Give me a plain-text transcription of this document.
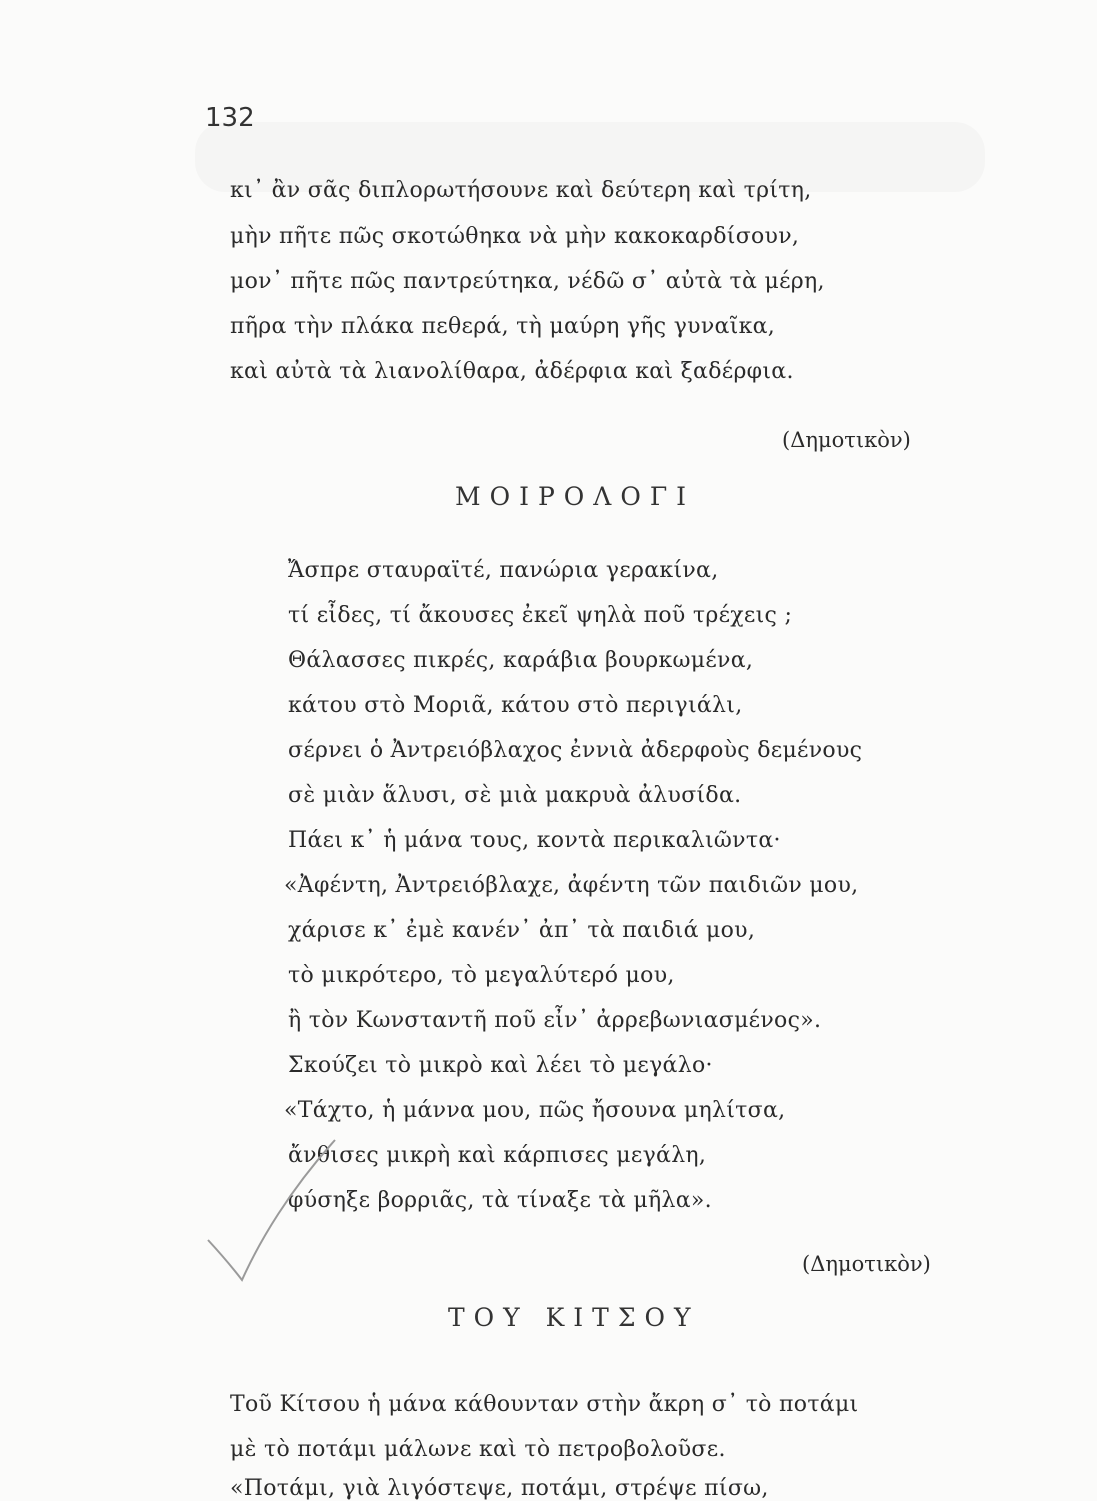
132
κι᾽ ἂν σᾶς διπλορωτήσουνε καὶ δεύτερη καὶ τρίτη,
μὴν πῆτε πῶς σκοτώθηκα νὰ μὴν κακοκαρδίσουν,
μον᾽ πῆτε πῶς παντρεύτηκα, νέδῶ σ᾽ αὐτὰ τὰ μέρη,
πῆρα τὴν πλάκα πεθερά, τὴ μαύρη γῆς γυναῖκα,
καὶ αὐτὰ τὰ λιανολίθαρα, ἀδέρφια καὶ ξαδέρφια.
(Δημοτικὸν)
ΜΟΙΡΟΛΟΓΙ
Ἄσπρε σταυραϊτέ, πανώρια γερακίνα,
τί εἶδες, τί ἄκουσες ἐκεῖ ψηλὰ ποῦ τρέχεις ;
Θάλασσες πικρές, καράβια βουρκωμένα,
κάτου στὸ Μοριᾶ, κάτου στὸ περιγιάλι,
σέρνει ὁ Ἀντρειόβλαχος ἐννιὰ ἀδερφοὺς δεμένους
σὲ μιὰν ἅλυσι, σὲ μιὰ μακρυὰ ἀλυσίδα.
Πάει κ᾽ ἡ μάνα τους, κοντὰ περικαλιῶντα·
«Ἀφέντη, Ἀντρειόβλαχε, ἀφέντη τῶν παιδιῶν μου,
χάρισε κ᾽ ἐμὲ κανέν᾽ ἀπ᾽ τὰ παιδιά μου,
τὸ μικρότερο, τὸ μεγαλύτερό μου,
ἢ τὸν Κωνσταντῆ ποῦ εἶν᾽ ἀρρεβωνιασμένος».
Σκούζει τὸ μικρὸ καὶ λέει τὸ μεγάλο·
«Τάχτο, ἡ μάννα μου, πῶς ἤσουνα μηλίτσα,
ἄνθισες μικρὴ καὶ κάρπισες μεγάλη,
φύσηξε βορριᾶς, τὰ τίναξε τὰ μῆλα».
(Δημοτικὸν)
ΤΟΥ ΚΙΤΣΟΥ
Τοῦ Κίτσου ἡ μάνα κάθουνταν στὴν ἄκρη σ᾽ τὸ ποτάμι
μὲ τὸ ποτάμι μάλωνε καὶ τὸ πετροβολοῦσε.
«Ποτάμι, γιὰ λιγόστεψε, ποτάμι, στρέψε πίσω,
